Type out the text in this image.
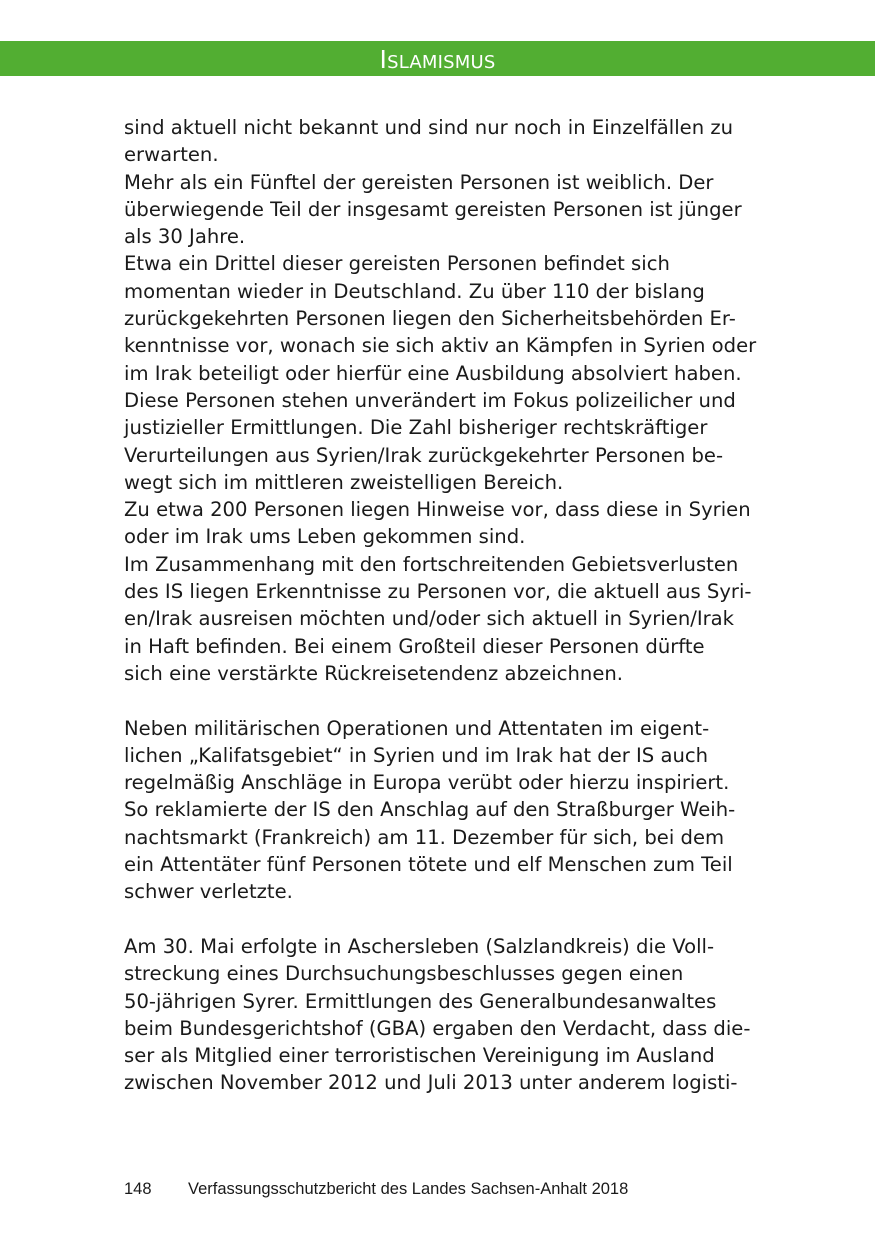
Islamismus
sind aktuell nicht bekannt und sind nur noch in Einzelfällen zu
erwarten.
Mehr als ein Fünftel der gereisten Personen ist weiblich. Der
überwiegende Teil der insgesamt gereisten Personen ist jünger
als 30 Jahre.
Etwa ein Drittel dieser gereisten Personen befindet sich
momentan wieder in Deutschland. Zu über 110 der bislang
zurückgekehrten Personen liegen den Sicherheitsbehörden Er-
kenntnisse vor, wonach sie sich aktiv an Kämpfen in Syrien oder
im Irak beteiligt oder hierfür eine Ausbildung absolviert haben.
Diese Personen stehen unverändert im Fokus polizeilicher und
justizieller Ermittlungen. Die Zahl bisheriger rechtskräftiger
Verurteilungen aus Syrien/Irak zurückgekehrter Personen be-
wegt sich im mittleren zweistelligen Bereich.
Zu etwa 200 Personen liegen Hinweise vor, dass diese in Syrien
oder im Irak ums Leben gekommen sind.
Im Zusammenhang mit den fortschreitenden Gebietsverlusten
des IS liegen Erkenntnisse zu Personen vor, die aktuell aus Syri-
en/Irak ausreisen möchten und/oder sich aktuell in Syrien/Irak
in Haft befinden. Bei einem Großteil dieser Personen dürfte
sich eine verstärkte Rückreisetendenz abzeichnen.
Neben militärischen Operationen und Attentaten im eigent-
lichen „Kalifatsgebiet“ in Syrien und im Irak hat der IS auch
regelmäßig Anschläge in Europa verübt oder hierzu inspiriert.
So reklamierte der IS den Anschlag auf den Straßburger Weih-
nachtsmarkt (Frankreich) am 11. Dezember für sich, bei dem
ein Attentäter fünf Personen tötete und elf Menschen zum Teil
schwer verletzte.
Am 30. Mai erfolgte in Aschersleben (Salzlandkreis) die Voll-
streckung eines Durchsuchungsbeschlusses gegen einen
50-jährigen Syrer. Ermittlungen des Generalbundesanwaltes
beim Bundesgerichtshof (GBA) ergaben den Verdacht, dass die-
ser als Mitglied einer terroristischen Vereinigung im Ausland
zwischen November 2012 und Juli 2013 unter anderem logisti-
148 Verfassungsschutzbericht des Landes Sachsen-Anhalt 2018
